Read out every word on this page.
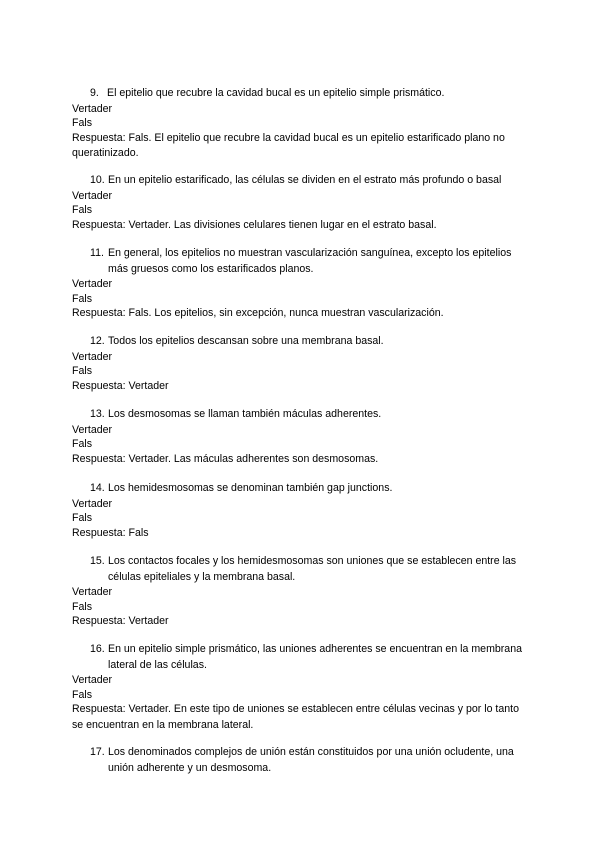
9. El epitelio que recubre la cavidad bucal es un epitelio simple prismático.
Vertader
Fals
Respuesta: Fals. El epitelio que recubre la cavidad bucal es un epitelio estarificado plano no queratinizado.
10. En un epitelio estarificado, las células se dividen en el estrato más profundo o basal
Vertader
Fals
Respuesta: Vertader. Las divisiones celulares tienen lugar en el estrato basal.
11. En general, los epitelios no muestran vascularización sanguínea, excepto los epitelios más gruesos como los estarificados planos.
Vertader
Fals
Respuesta: Fals. Los epitelios, sin excepción, nunca muestran vascularización.
12. Todos los epitelios descansan sobre una membrana basal.
Vertader
Fals
Respuesta: Vertader
13. Los desmosomas se llaman también máculas adherentes.
Vertader
Fals
Respuesta: Vertader. Las máculas adherentes son desmosomas.
14. Los hemidesmosomas se denominan también gap junctions.
Vertader
Fals
Respuesta: Fals
15. Los contactos focales y los hemidesmosomas son uniones que se establecen entre las células epiteliales y la membrana basal.
Vertader
Fals
Respuesta: Vertader
16. En un epitelio simple prismático, las uniones adherentes se encuentran en la membrana lateral de las células.
Vertader
Fals
Respuesta: Vertader. En este tipo de uniones se establecen entre células vecinas y por lo tanto se encuentran en la membrana lateral.
17. Los denominados complejos de unión están constituidos por una unión ocludente, una unión adherente y un desmosoma.
